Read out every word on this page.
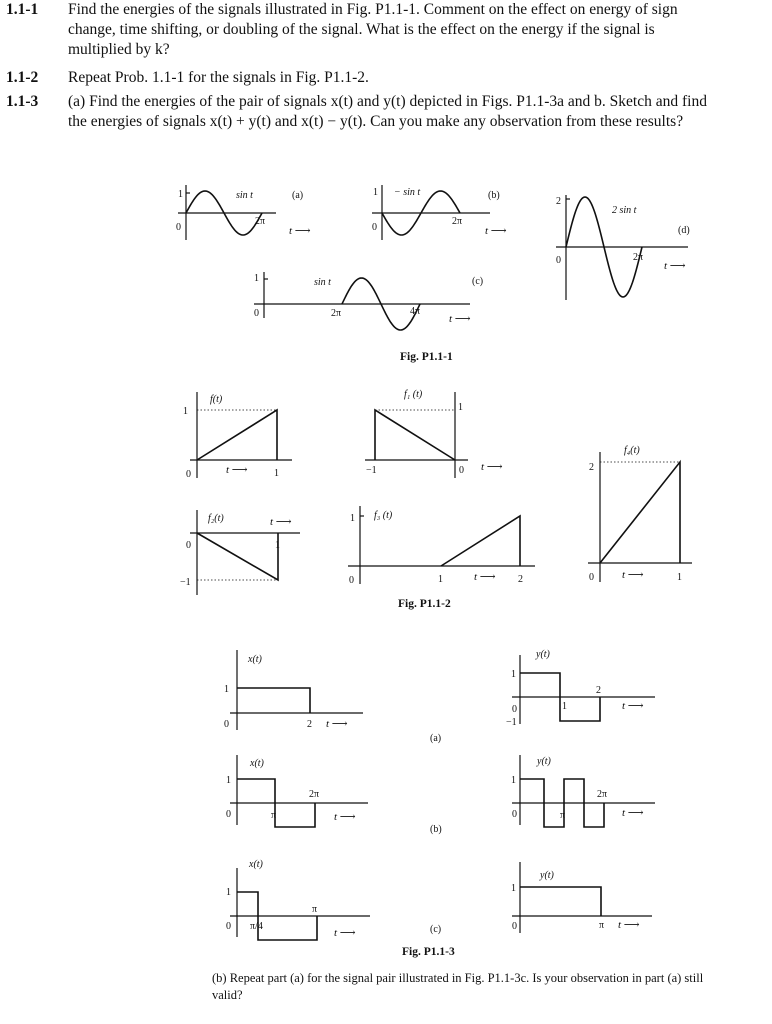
1.1-1	Find the energies of the signals illustrated in Fig. P1.1-1. Comment on the effect on energy of sign change, time shifting, or doubling of the signal. What is the effect on the energy if the signal is multiplied by k?
1.1-2	Repeat Prob. 1.1-1 for the signals in Fig. P1.1-2.
1.1-3	(a) Find the energies of the pair of signals x(t) and y(t) depicted in Figs. P1.1-3a and b. Sketch and find the energies of signals x(t) + y(t) and x(t) − y(t). Can you make any observation from these results?
1
0
sin t	(a)
2π
t ⟶
1
0
− sin t	(b)
2π
t ⟶
1
0
sin t	(c)
2π	4π
t ⟶
2
0
2 sin t
(d)
2π
t ⟶
Fig. P1.1-1
f(t)
1
0	1
t ⟶
f₁ (t)
1
−1	0 t ⟶
f₂(t)
0
−1
1
t ⟶	1 f₃ (t)
0	1	2
t ⟶
f₄(t)
2
0	1
t ⟶
Fig. P1.1-2
x(t)
1
0	2 t ⟶
(a)
y(t)
1
0
−1
1
2
t ⟶
x(t)
1
0	π
2π
t ⟶
(b)
y(t)
1
0	π
2π
t ⟶
x(t)
1
0 π/4
π
t ⟶	(c)
y(t)
1
0	π t ⟶
Fig. P1.1-3
(b) Repeat part (a) for the signal pair illustrated in Fig. P1.1-3c. Is your observation in part (a) still valid?
